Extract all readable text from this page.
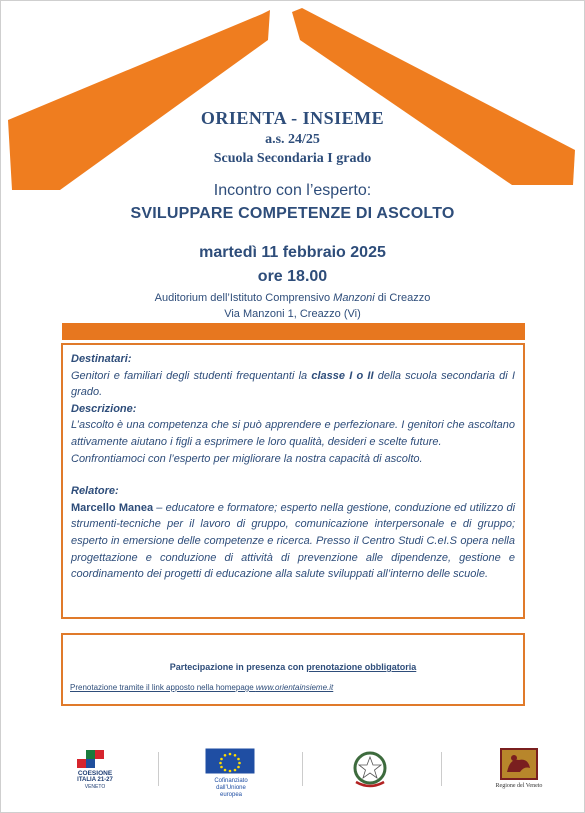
ORIENTA - INSIEME
a.s. 24/25
Scuola Secondaria I grado
Incontro con l’esperto:
SVILUPPARE COMPETENZE DI ASCOLTO
martedì 11 febbraio 2025
ore 18.00
Auditorium dell’Istituto Comprensivo Manzoni di Creazzo
Via Manzoni 1, Creazzo (Vi)

Destinatari:

Genitori e familiari degli studenti frequentanti la classe I o II della scuola secondaria di I grado.

Descrizione:

L’ascolto è una competenza che si può apprendere e perfezionare. I genitori che ascoltano attivamente aiutano i figli a esprimere le loro qualità, desideri e scelte future.

Confrontiamoci con l’esperto per migliorare la nostra capacità di ascolto.

Relatore:

Marcello Manea – educatore e formatore; esperto nella gestione, conduzione ed utilizzo di strumenti-tecniche per il lavoro di gruppo, comunicazione interpersonale e di gruppo; esperto in emersione delle competenze e ricerca. Presso il Centro Studi C.eI.S opera nella progettazione e conduzione di attività di prevenzione alle dipendenze, gestione e coordinamento dei progetti di educazione alla salute sviluppati all’interno delle scuole.

Partecipazione in presenza con prenotazione obbligatoria
Prenotazione tramite il link apposto nella homepage www.orientainsieme.it
COESIONE
ITALIA 21-27
VENETO
Cofinanziato
dall’Unione europea
Regione del Veneto
